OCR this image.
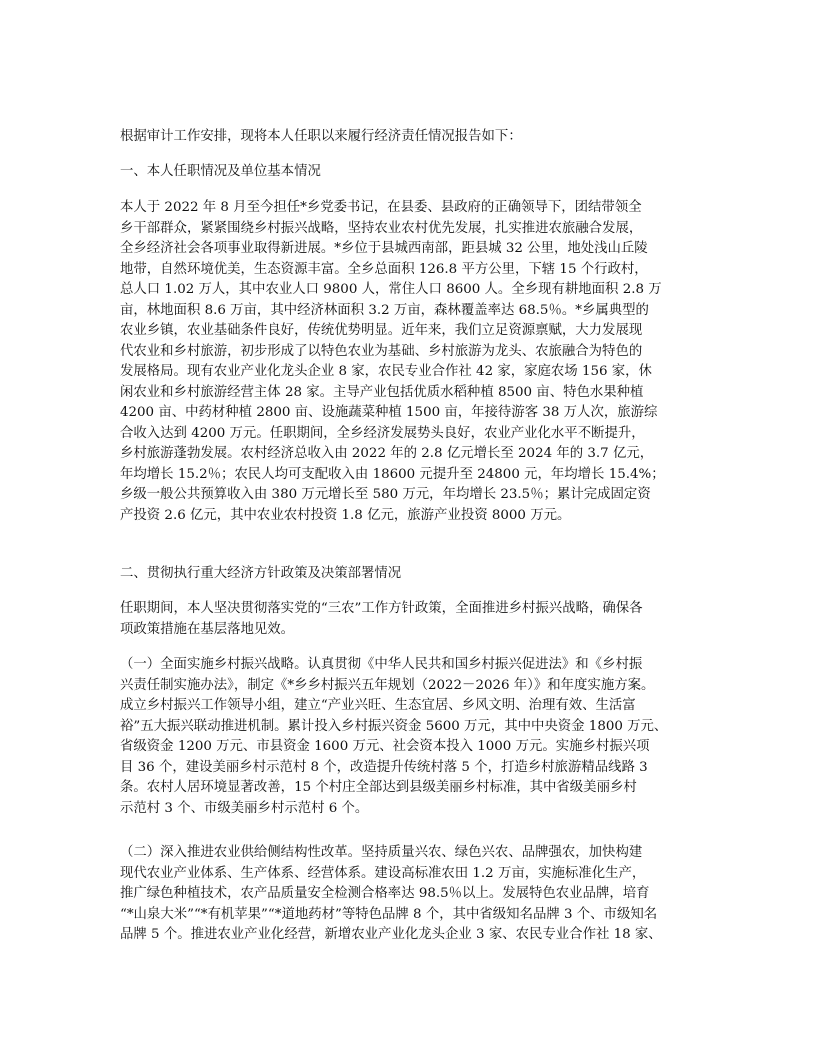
根据审计工作安排，现将本人任职以来履行经济责任情况报告如下：
一、本人任职情况及单位基本情况
本人于 2022 年 8 月至今担任*乡党委书记，在县委、县政府的正确领导下，团结带领全
乡干部群众，紧紧围绕乡村振兴战略，坚持农业农村优先发展，扎实推进农旅融合发展，
全乡经济社会各项事业取得新进展。*乡位于县城西南部，距县城 32 公里，地处浅山丘陵
地带，自然环境优美，生态资源丰富。全乡总面积 126.8 平方公里，下辖 15 个行政村，
总人口 1.02 万人，其中农业人口 9800 人，常住人口 8600 人。全乡现有耕地面积 2.8 万
亩，林地面积 8.6 万亩，其中经济林面积 3.2 万亩，森林覆盖率达 68.5％。*乡属典型的
农业乡镇，农业基础条件良好，传统优势明显。近年来，我们立足资源禀赋，大力发展现
代农业和乡村旅游，初步形成了以特色农业为基础、乡村旅游为龙头、农旅融合为特色的
发展格局。现有农业产业化龙头企业 8 家，农民专业合作社 42 家，家庭农场 156 家，休
闲农业和乡村旅游经营主体 28 家。主导产业包括优质水稻种植 8500 亩、特色水果种植
4200 亩、中药材种植 2800 亩、设施蔬菜种植 1500 亩，年接待游客 38 万人次，旅游综
合收入达到 4200 万元。任职期间，全乡经济发展势头良好，农业产业化水平不断提升，
乡村旅游蓬勃发展。农村经济总收入由 2022 年的 2.8 亿元增长至 2024 年的 3.7 亿元，
年均增长 15.2％；农民人均可支配收入由 18600 元提升至 24800 元，年均增长 15.4%；
乡级一般公共预算收入由 380 万元增长至 580 万元，年均增长 23.5％；累计完成固定资
产投资 2.6 亿元，其中农业农村投资 1.8 亿元，旅游产业投资 8000 万元。
二、贯彻执行重大经济方针政策及决策部署情况
任职期间，本人坚决贯彻落实党的“三农”工作方针政策，全面推进乡村振兴战略，确保各
项政策措施在基层落地见效。
（一）全面实施乡村振兴战略。认真贯彻《中华人民共和国乡村振兴促进法》和《乡村振
兴责任制实施办法》，制定《*乡乡村振兴五年规划（2022－2026 年）》和年度实施方案。
成立乡村振兴工作领导小组，建立“产业兴旺、生态宜居、乡风文明、治理有效、生活富
裕”五大振兴联动推进机制。累计投入乡村振兴资金 5600 万元，其中中央资金 1800 万元、
省级资金 1200 万元、市县资金 1600 万元、社会资本投入 1000 万元。实施乡村振兴项
目 36 个，建设美丽乡村示范村 8 个，改造提升传统村落 5 个，打造乡村旅游精品线路 3
条。农村人居环境显著改善，15 个村庄全部达到县级美丽乡村标准，其中省级美丽乡村
示范村 3 个、市级美丽乡村示范村 6 个。
（二）深入推进农业供给侧结构性改革。坚持质量兴农、绿色兴农、品牌强农，加快构建
现代农业产业体系、生产体系、经营体系。建设高标准农田 1.2 万亩，实施标准化生产，
推广绿色种植技术，农产品质量安全检测合格率达 98.5％以上。发展特色农业品牌，培育
“*山泉大米”“*有机苹果”“*道地药材”等特色品牌 8 个，其中省级知名品牌 3 个、市级知名
品牌 5 个。推进农业产业化经营，新增农业产业化龙头企业 3 家、农民专业合作社 18 家、
